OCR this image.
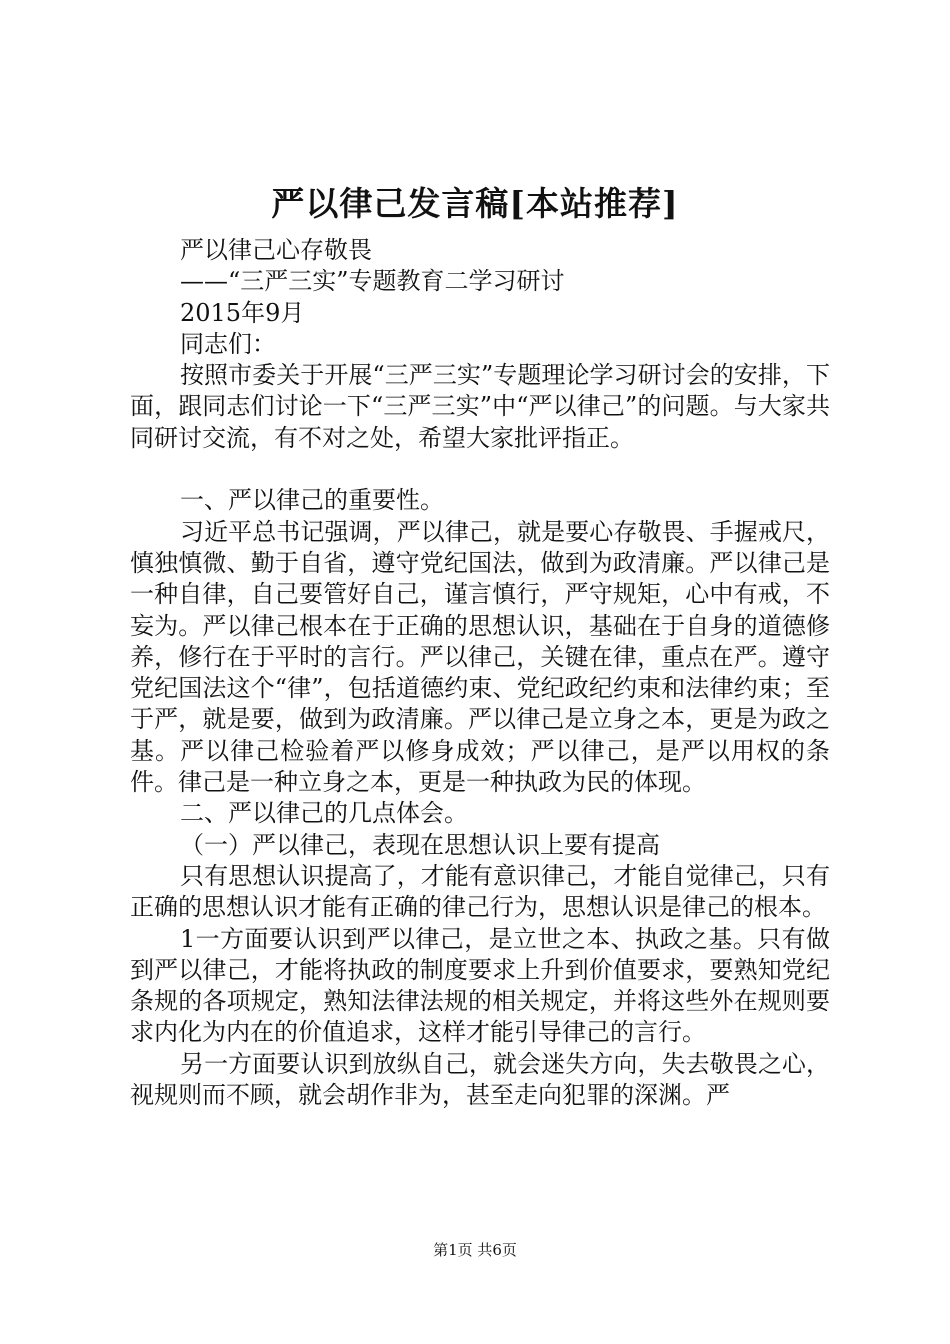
严以律己发言稿[本站推荐]

严以律己心存敬畏

——“三严三实”专题教育二学习研讨

2015年9月

同志们：

按照市委关于开展“三严三实”专题理论学习研讨会的安排，下面，跟同志们讨论一下“三严三实”中“严以律己”的问题。与大家共同研讨交流，有不对之处，希望大家批评指正。

一、严以律己的重要性。

习近平总书记强调，严以律己，就是要心存敬畏、手握戒尺，慎独慎微、勤于自省，遵守党纪国法，做到为政清廉。严以律己是一种自律，自己要管好自己，谨言慎行，严守规矩，心中有戒，不妄为。严以律己根本在于正确的思想认识，基础在于自身的道德修养，修行在于平时的言行。严以律己，关键在律，重点在严。遵守党纪国法这个“律”，包括道德约束、党纪政纪约束和法律约束；至于严，就是要，做到为政清廉。严以律己是立身之本，更是为政之基。严以律己检验着严以修身成效；严以律己，是严以用权的条件。律己是一种立身之本，更是一种执政为民的体现。

二、严以律己的几点体会。

（一）严以律己，表现在思想认识上要有提高

只有思想认识提高了，才能有意识律己，才能自觉律己，只有正确的思想认识才能有正确的律己行为，思想认识是律己的根本。

1一方面要认识到严以律己，是立世之本、执政之基。只有做到严以律己，才能将执政的制度要求上升到价值要求，要熟知党纪条规的各项规定，熟知法律法规的相关规定，并将这些外在规则要求内化为内在的价值追求，这样才能引导律己的言行。

另一方面要认识到放纵自己，就会迷失方向，失去敬畏之心，视规则而不顾，就会胡作非为，甚至走向犯罪的深渊。严

第1页 共6页
